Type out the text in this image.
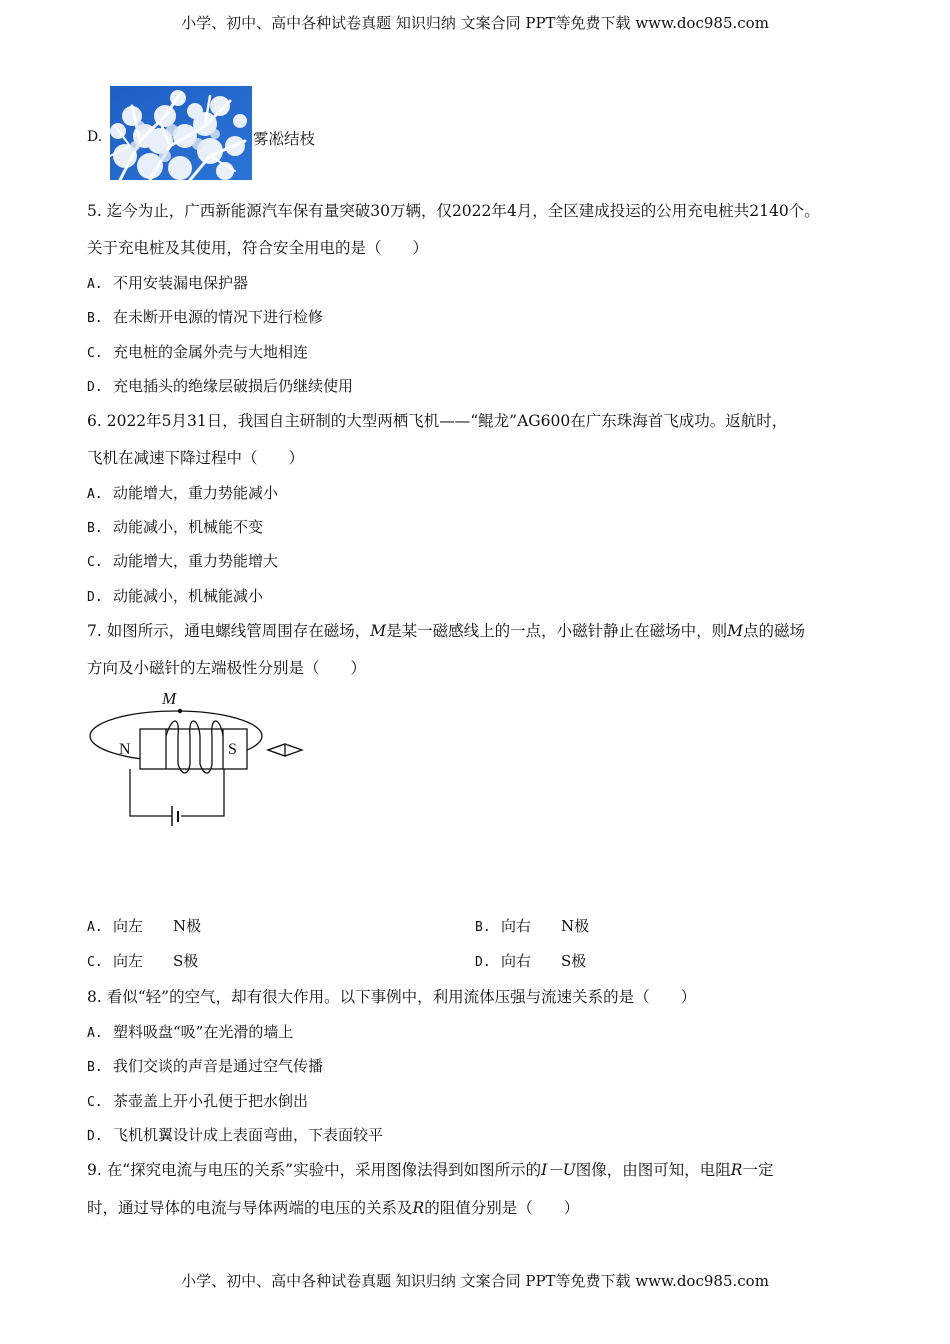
小学、初中、高中各种试卷真题 知识归纳 文案合同 PPT等免费下载 www.doc985.com
D.	雾凇结枝
5. 迄今为止，广西新能源汽车保有量突破30万辆，仅2022年4月，全区建成投运的公用充电桩共2140个。
关于充电桩及其使用，符合安全用电的是（　　）
A. 不用安装漏电保护器
B. 在未断开电源的情况下进行检修
C. 充电桩的金属外壳与大地相连
D. 充电插头的绝缘层破损后仍继续使用
6. 2022年5月31日，我国自主研制的大型两栖飞机——“鲲龙”AG600在广东珠海首飞成功。返航时，
飞机在减速下降过程中（　　）
A. 动能增大，重力势能减小
B. 动能减小，机械能不变
C. 动能增大，重力势能增大
D. 动能减小，机械能减小
7. 如图所示，通电螺线管周围存在磁场，M是某一磁感线上的一点，小磁针静止在磁场中，则M点的磁场
方向及小磁针的左端极性分别是（　　）
M
N	S
A. 向左　　N极	B. 向右　　N极
C. 向左　　S极	D. 向右　　S极
8. 看似“轻”的空气，却有很大作用。以下事例中，利用流体压强与流速关系的是（　　）
A. 塑料吸盘“吸”在光滑的墙上
B. 我们交谈的声音是通过空气传播
C. 茶壶盖上开小孔便于把水倒出
D. 飞机机翼设计成上表面弯曲，下表面较平
9. 在“探究电流与电压的关系”实验中，采用图像法得到如图所示的I－U图像，由图可知，电阻R一定
时，通过导体的电流与导体两端的电压的关系及R的阻值分别是（　　）
小学、初中、高中各种试卷真题 知识归纳 文案合同 PPT等免费下载 www.doc985.com
